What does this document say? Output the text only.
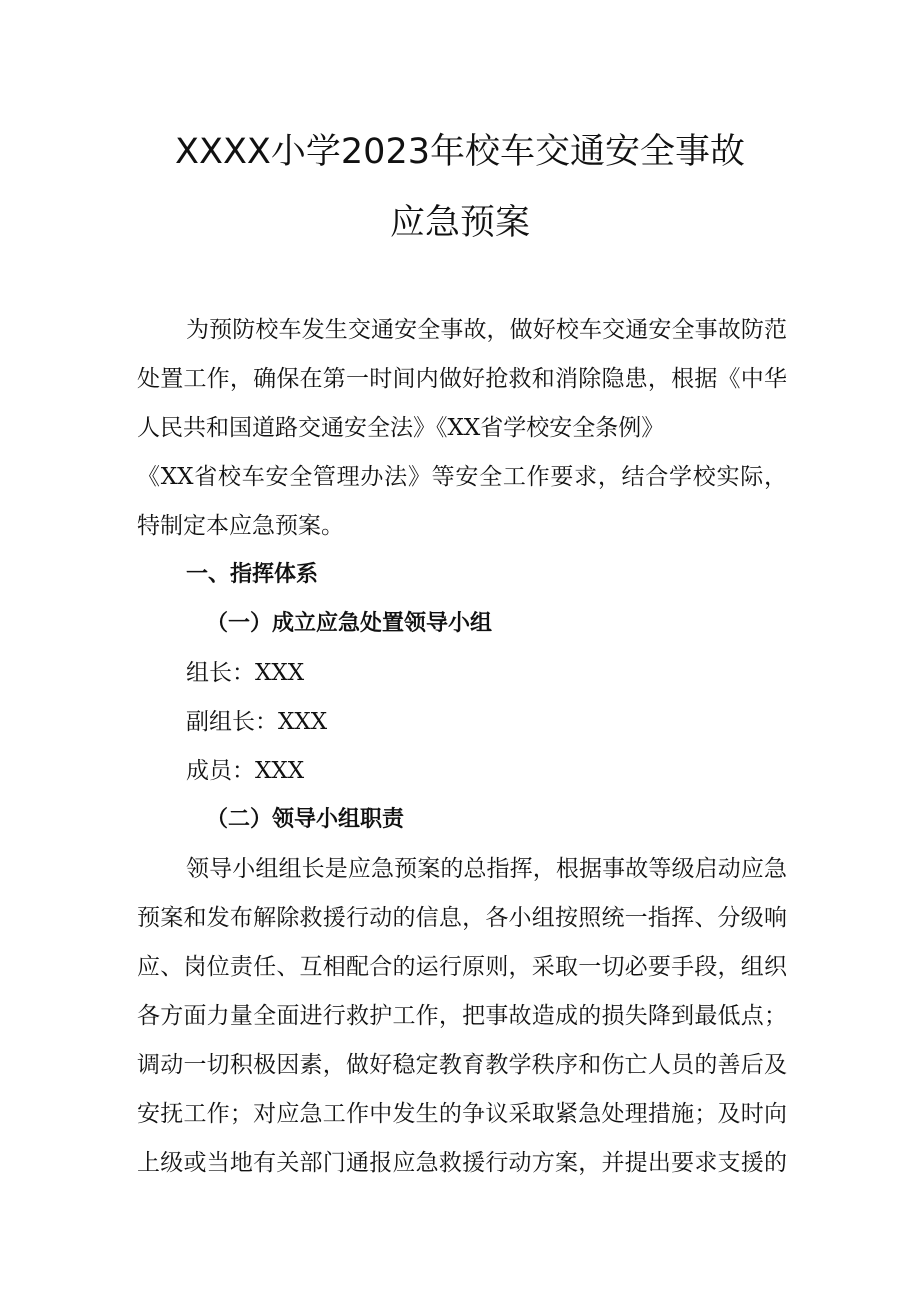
XXXX小学2023年校车交通安全事故
应急预案
为预防校车发生交通安全事故，做好校车交通安全事故防范
处置工作，确保在第一时间内做好抢救和消除隐患，根据《中华
人民共和国道路交通安全法》《XX省学校安全条例》
《XX省校车安全管理办法》等安全工作要求，结合学校实际，
特制定本应急预案。
一、指挥体系
（一）成立应急处置领导小组
组长：XXX
副组长：XXX
成员：XXX
（二）领导小组职责
领导小组组长是应急预案的总指挥，根据事故等级启动应急
预案和发布解除救援行动的信息，各小组按照统一指挥、分级响
应、岗位责任、互相配合的运行原则，采取一切必要手段，组织
各方面力量全面进行救护工作，把事故造成的损失降到最低点；
调动一切积极因素，做好稳定教育教学秩序和伤亡人员的善后及
安抚工作；对应急工作中发生的争议采取紧急处理措施；及时向
上级或当地有关部门通报应急救援行动方案，并提出要求支援的
